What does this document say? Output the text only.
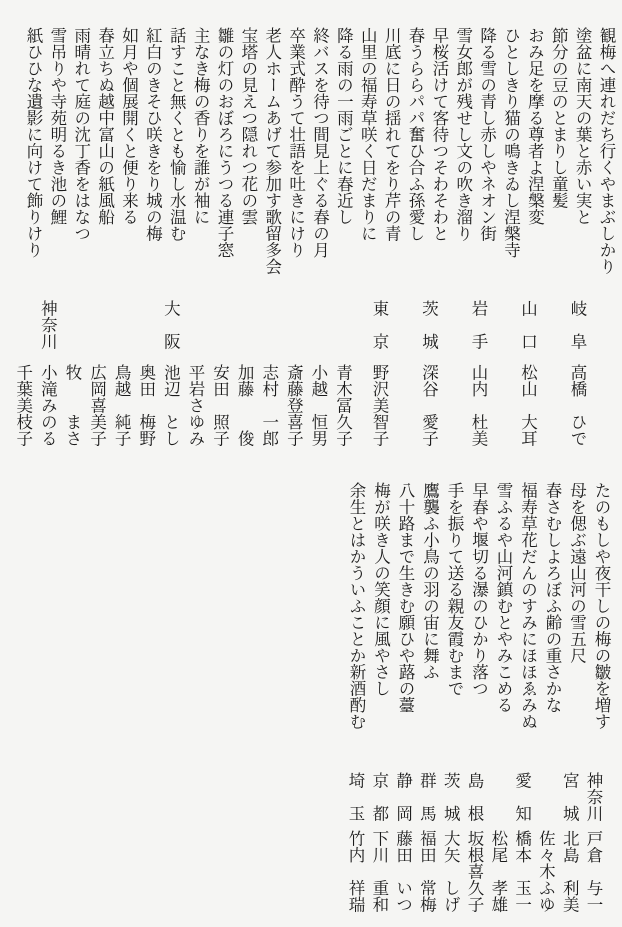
観梅へ連れだち行くやまぶしかり
塗盆に南天の葉と赤い実と
節分の豆のとまりし童髪
おみ足を摩る尊者よ涅槃変
ひとしきり猫の鳴きゐし涅槃寺
降る雪の青し赤しやネオン街
雪女郎が残せし文の吹き溜り
早桜活けて客待つそわそわと
春うららパパ奮ひ合ふ孫愛し
川底に日の揺れてをり芹の青
山里の福寿草咲く日だまりに
降る雨の一雨ごとに春近し
終バスを待つ間見上ぐる春の月
卒業式酔うて壮語を吐きにけり
老人ホームあげて参加す歌留多会
宝塔の見えつ隠れつ花の雲
雛の灯のおぼろにうつる連子窓
主なき梅の香りを誰が袖に
話すこと無くとも愉し水温む
紅白のきそひ咲きをり城の梅
如月や個展開くと便り来る
春立ちぬ越中富山の紙風船
雨晴れて庭の沈丁香をはなつ
雪吊りや寺苑明るき池の鯉
紙ひひな遺影に向けて飾りけり
岐　阜
高橋　ひで
山　口
松山　大耳
岩　手
山内　杜美
茨　城
深谷　愛子
東　京
野沢美智子
青木冨久子
小越　恒男
斎藤登喜子
志村　一郎
加藤　　俊
安田　照子
平岩さゆみ
大　阪
池辺　とし
奥田　梅野
鳥越　純子
広岡喜美子
牧　　まさ
神奈川
小滝みのる
千葉美枝子
たのもしや夜干しの梅の皺を増す
母を偲ぶ遠山河の雪五尺
春さむしよろぼふ齢の重さかな
福寿草花だんのすみにほほゑみぬ
雪ふるや山河鎮むとやみこめる
早春や堰切る瀑のひかり落つ
手を振りて送る親友霞むまで
鷹襲ふ小鳥の羽の宙に舞ふ
八十路まで生きむ願ひや蕗の薹
梅が咲き人の笑顔に風やさし
余生とはかういふことか新酒酌む
神奈川
戸倉　与一
宮　城
北島　利美
佐々木ふゆ
愛　知
橋本　玉一
松尾　孝雄
島　根
坂根喜久子
茨　城
大矢　しげ
群　馬
福田　常梅
静　岡
藤田　いつ
京　都
下川　重和
埼　玉
竹内　祥瑞
